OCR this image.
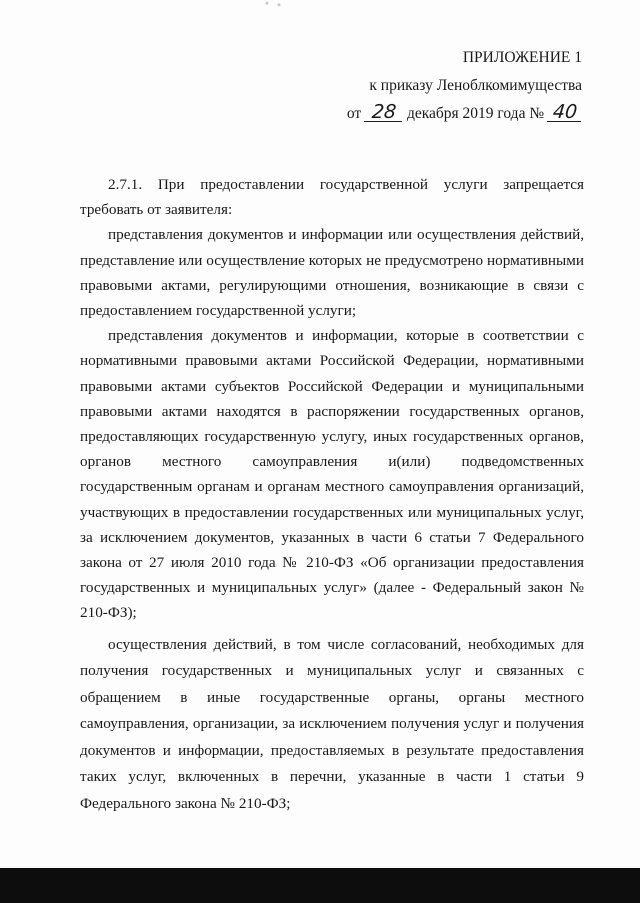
ПРИЛОЖЕНИЕ 1
к приказу Леноблкомимущества
от 28 декабря 2019 года № 40

2.7.1. При предоставлении государственной услуги запрещается требовать от заявителя:

представления документов и информации или осуществления действий, представление или осуществление которых не предусмотрено нормативными правовыми актами, регулирующими отношения, возникающие в связи с предоставлением государственной услуги;

представления документов и информации, которые в соответствии с нормативными правовыми актами Российской Федерации, нормативными правовыми актами субъектов Российской Федерации и муниципальными правовыми актами находятся в распоряжении государственных органов, предоставляющих государственную услугу, иных государственных органов, органов местного самоуправления и(или) подведомственных государственным органам и органам местного самоуправления организаций, участвующих в предоставлении государственных или муниципальных услуг, за исключением документов, указанных в части 6 статьи 7 Федерального закона от 27 июля 2010 года № 210-ФЗ «Об организации предоставления государственных и муниципальных услуг» (далее - Федеральный закон № 210-ФЗ);

осуществления действий, в том числе согласований, необходимых для получения государственных и муниципальных услуг и связанных с обращением в иные государственные органы, органы местного самоуправления, организации, за исключением получения услуг и получения документов и информации, предоставляемых в результате предоставления таких услуг, включенных в перечни, указанные в части 1 статьи 9 Федерального закона № 210-ФЗ;
